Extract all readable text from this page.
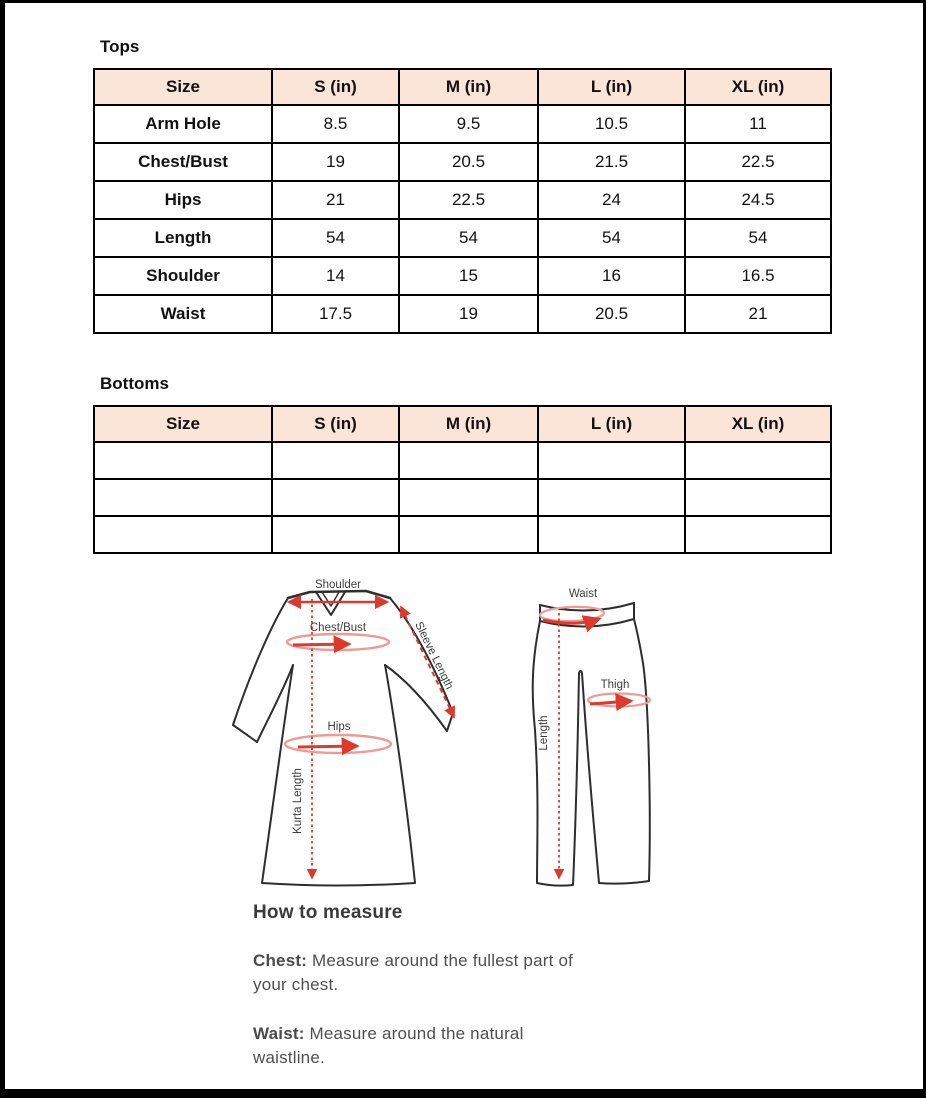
Tops
Size	S (in)	M (in)	L (in)	XL (in)
Arm Hole	8.5	9.5	10.5	11
Chest/Bust	19	20.5	21.5	22.5
Hips	21	22.5	24	24.5
Length	54	54	54	54
Shoulder	14	15	16	16.5
Waist	17.5	19	20.5	21
Bottoms
Size	S (in)	M (in)	L (in)	XL (in)

Shoulder
Chest/Bust
Hips
Sleeve Length
Kurta Length
Waist
Thigh
Length
How to measure

Chest: Measure around the fullest part of
your chest.

Waist: Measure around the natural
waistline.
